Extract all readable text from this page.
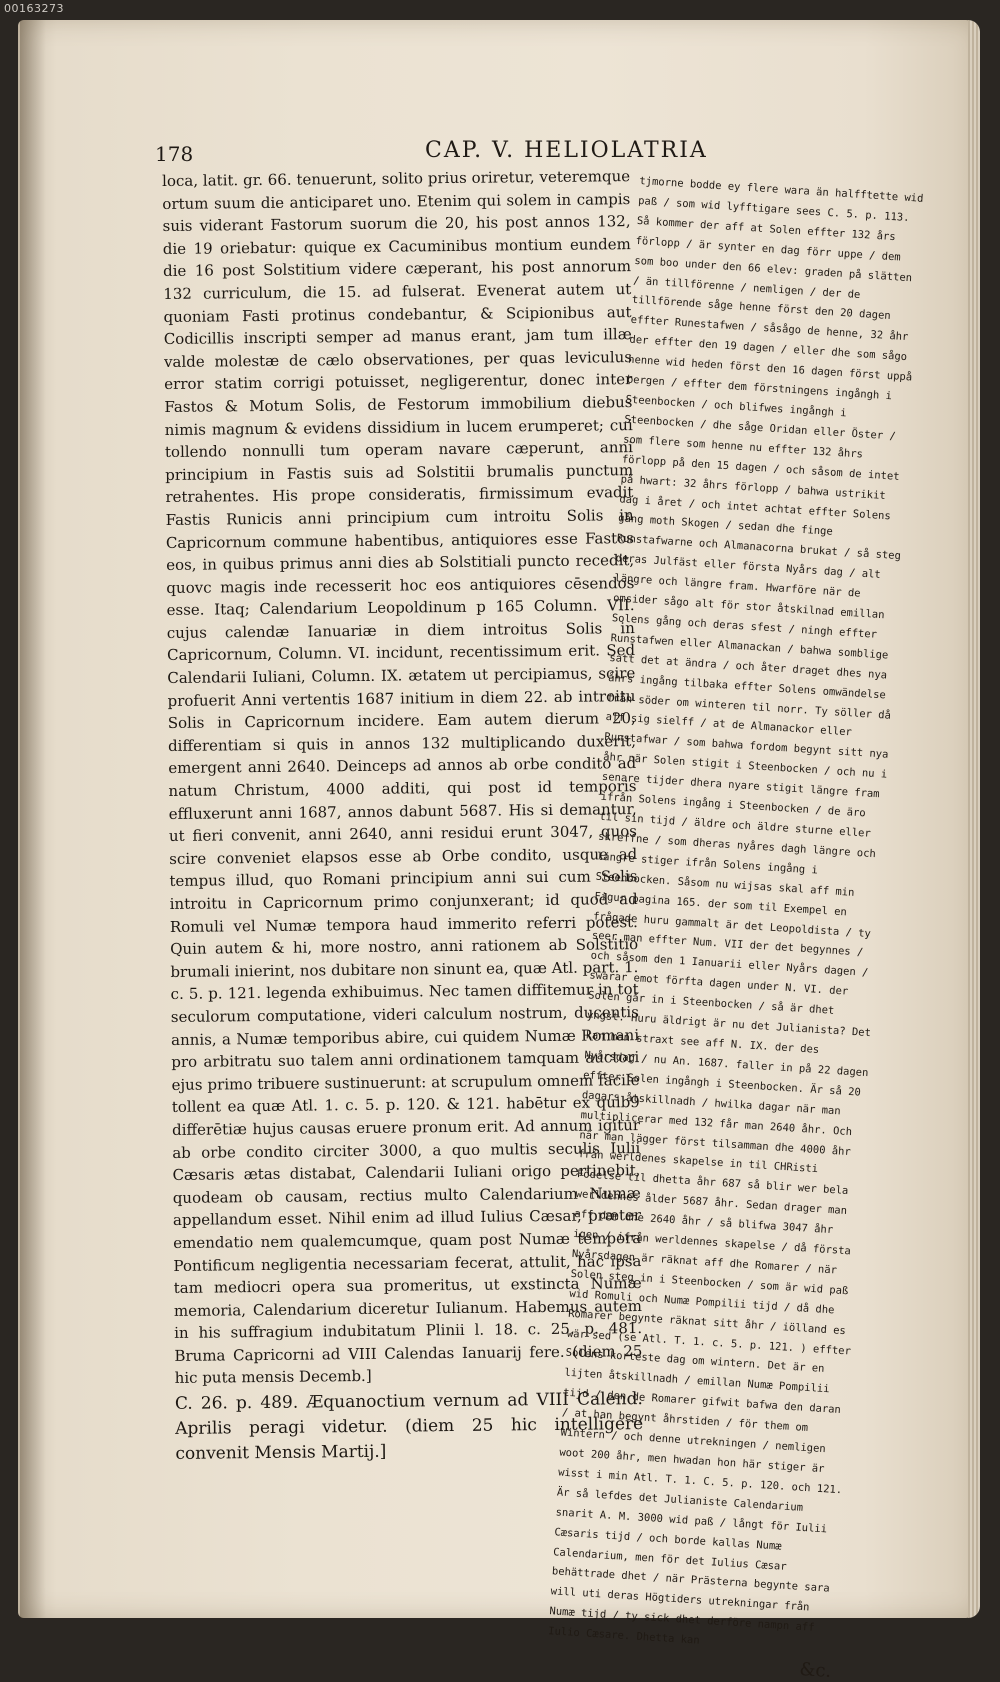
00163273
178	CAP. V. HELIOLATRIA

loca, latit. gr. 66. tenuerunt, solito prius oriretur, veteremque ortum suum die anticiparet uno. Etenim qui solem in campis suis viderant Fastorum suorum die 20, his post annos 132, die 19 oriebatur: quique ex Cacuminibus montium eundem die 16 post Solstitium videre cæperant, his post annorum 132 curriculum, die 15. ad fulserat. Evenerat autem ut quoniam Fasti protinus condebantur, & Scipionibus aut Codicillis inscripti semper ad manus erant, jam tum illæ valde molestæ de cælo observationes, per quas leviculus error statim corrigi potuisset, negligerentur, donec inter Fastos & Motum Solis, de Festorum immobilium diebus nimis magnum & evidens dissidium in lucem erumperet; cui tollendo nonnulli tum operam navare cæperunt, anni principium in Fastis suis ad Solstitii brumalis punctum retrahentes. His prope consideratis, firmissimum evadit Fastis Runicis anni principium cum introitu Solis in Capricornum commune habentibus, antiquiores esse Fastos eos, in quibus primus anni dies ab Solstitiali puncto recedit, quovc magis inde recesserit hoc eos antiquiores cēsendos esse. Itaq; Calendarium Leopoldinum p 165 Column. VII. cujus calendæ Ianuariæ in diem introitus Solis in Capricornum, Column. VI. incidunt, recentissimum erit. Sed Calendarii Iuliani, Column. IX. ætatem ut percipiamus, scire profuerit Anni vertentis 1687 initium in diem 22. ab introitu Solis in Capricornum incidere. Eam autem dierum 20, differentiam si quis in annos 132 multiplicando duxerit, emergent anni 2640. Deinceps ad annos ab orbe condito ad natum Christum, 4000 additi, qui post id temporis effluxerunt anni 1687, annos dabunt 5687. His si demantur, ut fieri convenit, anni 2640, anni residui erunt 3047, quos scire conveniet elapsos esse ab Orbe condito, usque ad tempus illud, quo Romani principium anni sui cum Solis introitu in Capricornum primo conjunxerant; id quod ad Romuli vel Numæ tempora haud immerito referri potest. Quin autem & hi, more nostro, anni rationem ab Solstitio brumali inierint, nos dubitare non sinunt ea, quæ Atl. part. 1. c. 5. p. 121. legenda exhibuimus. Nec tamen diffitemur in tot seculorum computatione, videri calculum nostrum, ducentis annis, a Numæ temporibus abire, cui quidem Numæ Romani pro arbitratu suo talem anni ordinationem tamquam auctori ejus primo tribuere sustinuerunt: at scrupulum omnem facile tollent ea quæ Atl. 1. c. 5. p. 120. & 121. habētur ex quib9 differētiæ hujus causas eruere pronum erit. Ad annum igitur ab orbe condito circiter 3000, a quo multis seculis Iulii Cæsaris ætas distabat, Calendarii Iuliani origo pertinebit, quodeam ob causam, rectius multo Calendarium Numæ appellandum esset. Nihil enim ad illud Iulius Cæsar, præter emendatio nem qualemcumque, quam post Numæ tempora Pontificum negligentia necessariam fecerat, attulit, hac ipsa tam mediocri opera sua promeritus, ut exstincta Numæ memoria, Calendarium diceretur Iulianum. Habemus autem in his suffragium indubitatum Plinii l. 18. c. 25. p. 481. Bruma Capricorni ad VIII Calendas Ianuarij fere. (diem 25 hic puta mensis Decemb.]

C. 26. p. 489. Æquanoctium vernum ad VIII Calend. Aprilis peragi videtur. (diem 25 hic intelligere convenit Mensis Martij.]

tjmorne bodde ey flere wara än halfftette wid paß / som wid lyfftigare sees C. 5. p. 113. Så kommer der aff at Solen effter 132 års förlopp / är synter en dag förr uppe / dem som boo under den 66 elev: graden på slätten / än tillförenne / nemligen / der de tillförende såge henne först den 20 dagen effter Runestafwen / såsågo de henne, 32 åhr der effter den 19 dagen / eller dhe som sågo henne wid heden först den 16 dagen först uppå bergen / effter dem förstningens ingångh i Steenbocken / och blifwes ingångh i Steenbocken / dhe såge Oridan eller Öster / som flere som henne nu effter 132 åhrs förlopp på den 15 dagen / och såsom de intet på hwart: 32 åhrs förlopp / bahwa ustrikit dag i året / och intet achtat effter Solens gång moth Skogen / sedan dhe finge Runstafwarne och Almanacorna brukat / så steg deras Julfäst eller första Nyårs dag / alt längre och längre fram. Hwarföre när de omsider sågo alt för stor åtskilnad emillan Solens gång och deras sfest / ningh effter Runstafwen eller Almanackan / bahwa somblige satt det at ändra / och åter draget dhes nya åhrs ingång tilbaka effter Solens omwändelse från söder om winteren til norr. Ty söller då aff sig sielff / at de Almanackor eller Runstafwar / som bahwa fordom begynt sitt nya åhr när Solen stigit i Steenbocken / och nu i senare tijder dhera nyare stigit längre fram ifrån Solens ingång i Steenbocken / de äro til sin tijd / äldre och äldre sturne eller skreffne / som dheras nyåres dagh längre och längre stiger ifrån Solens ingång i Steenbocken. Såsom nu wijsas skal aff min Figur pagina 165. der som til Exempel en frågade huru gammalt är det Leopoldista / ty seer man effter Num. VII der det begynnes / och såsom den 1 Ianuarii eller Nyårs dagen / swarar emot förfta dagen under N. VI. der Solen går in i Steenbocken / så är dhet yngst. Huru äldrigt är nu det Julianista? Det kan man straxt see aff N. IX. der des Nyårsdag / nu An. 1687. faller in på 22 dagen effter Solen ingångh i Steenbocken. Är så 20 dagars åtskillnadh / hwilka dagar när man multiplicerar med 132 får man 2640 åhr. Och när man lägger först tilsamman dhe 4000 åhr från werldenes skapelse in til CHRisti Födelse til dhetta åhr 687 så blir wer bela werldennes ålder 5687 åhr. Sedan drager man aff dem dhe 2640 åhr / så blifwa 3047 åhr igen / ifrån werldennes skapelse / då första Nyårsdagen är räknat aff dhe Romarer / när Solen steg in i Steenbocken / som är wid paß wid Romuli och Numæ Pompilii tijd / då dhe Romarer begynte räknat sitt åhr / iölland es wär sed (se Atl. T. 1. c. 5. p. 121. ) effter Solens korteste dag om wintern. Det är en lijten åtskillnadh / emillan Numæ Pompilii tijd / den de Romarer gifwit bafwa den daran / at han begynt åhrstiden / för them om Wintern / och denne utrekningen / nemligen woot 200 åhr, men hwadan hon här stiger är wisst i min Atl. T. 1. C. 5. p. 120. och 121. Är så lefdes det Julianiste Calendarium snarit A. M. 3000 wid paß / långt för Iulii Cæsaris tijd / och borde kallas Numæ Calendarium, men för det Iulius Cæsar behättrade dhet / när Prästerna begynte sara will uti deras Högtiders utrekningar från Numæ tijd / ty sick dhet derföre nampn aff Iulio Cæsare. Dhetta kan

&c.
